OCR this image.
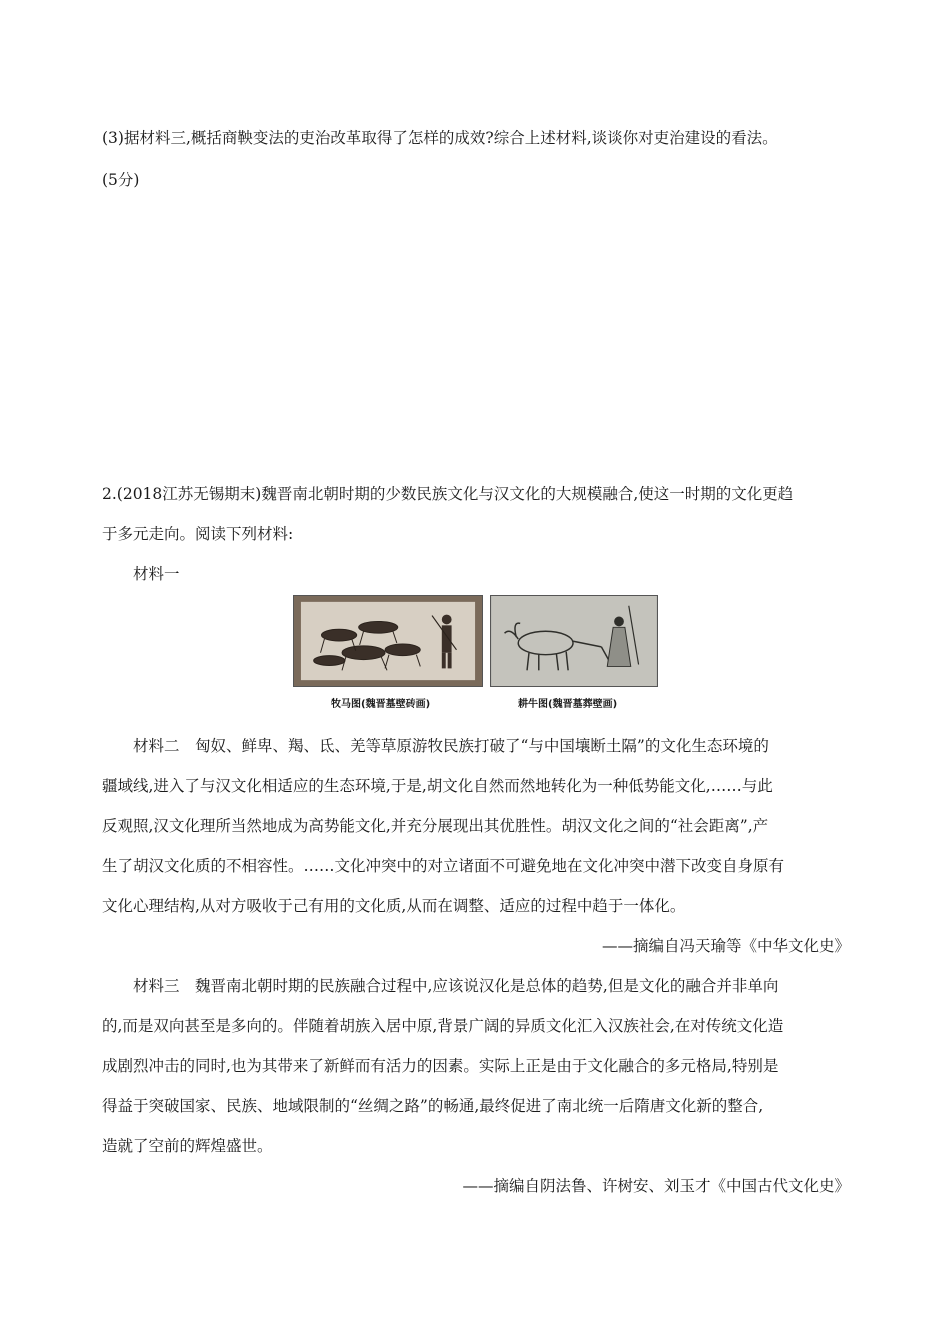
(3)据材料三,概括商鞅变法的吏治改革取得了怎样的成效?综合上述材料,谈谈你对吏治建设的看法。

(5分)

2.(2018江苏无锡期末)魏晋南北朝时期的少数民族文化与汉文化的大规模融合,使这一时期的文化更趋

于多元走向。阅读下列材料:

材料一

牧马图(魏晋墓壁砖画)	耕牛图(魏晋墓葬壁画)

材料二　匈奴、鲜卑、羯、氐、羌等草原游牧民族打破了“与中国壤断土隔”的文化生态环境的

疆域线,进入了与汉文化相适应的生态环境,于是,胡文化自然而然地转化为一种低势能文化,……与此

反观照,汉文化理所当然地成为高势能文化,并充分展现出其优胜性。胡汉文化之间的“社会距离”,产

生了胡汉文化质的不相容性。……文化冲突中的对立诸面不可避免地在文化冲突中潜下改变自身原有

文化心理结构,从对方吸收于己有用的文化质,从而在调整、适应的过程中趋于一体化。

——摘编自冯天瑜等《中华文化史》

材料三　魏晋南北朝时期的民族融合过程中,应该说汉化是总体的趋势,但是文化的融合并非单向

的,而是双向甚至是多向的。伴随着胡族入居中原,背景广阔的异质文化汇入汉族社会,在对传统文化造

成剧烈冲击的同时,也为其带来了新鲜而有活力的因素。实际上正是由于文化融合的多元格局,特别是

得益于突破国家、民族、地域限制的“丝绸之路”的畅通,最终促进了南北统一后隋唐文化新的整合,

造就了空前的辉煌盛世。

——摘编自阴法鲁、许树安、刘玉才《中国古代文化史》
